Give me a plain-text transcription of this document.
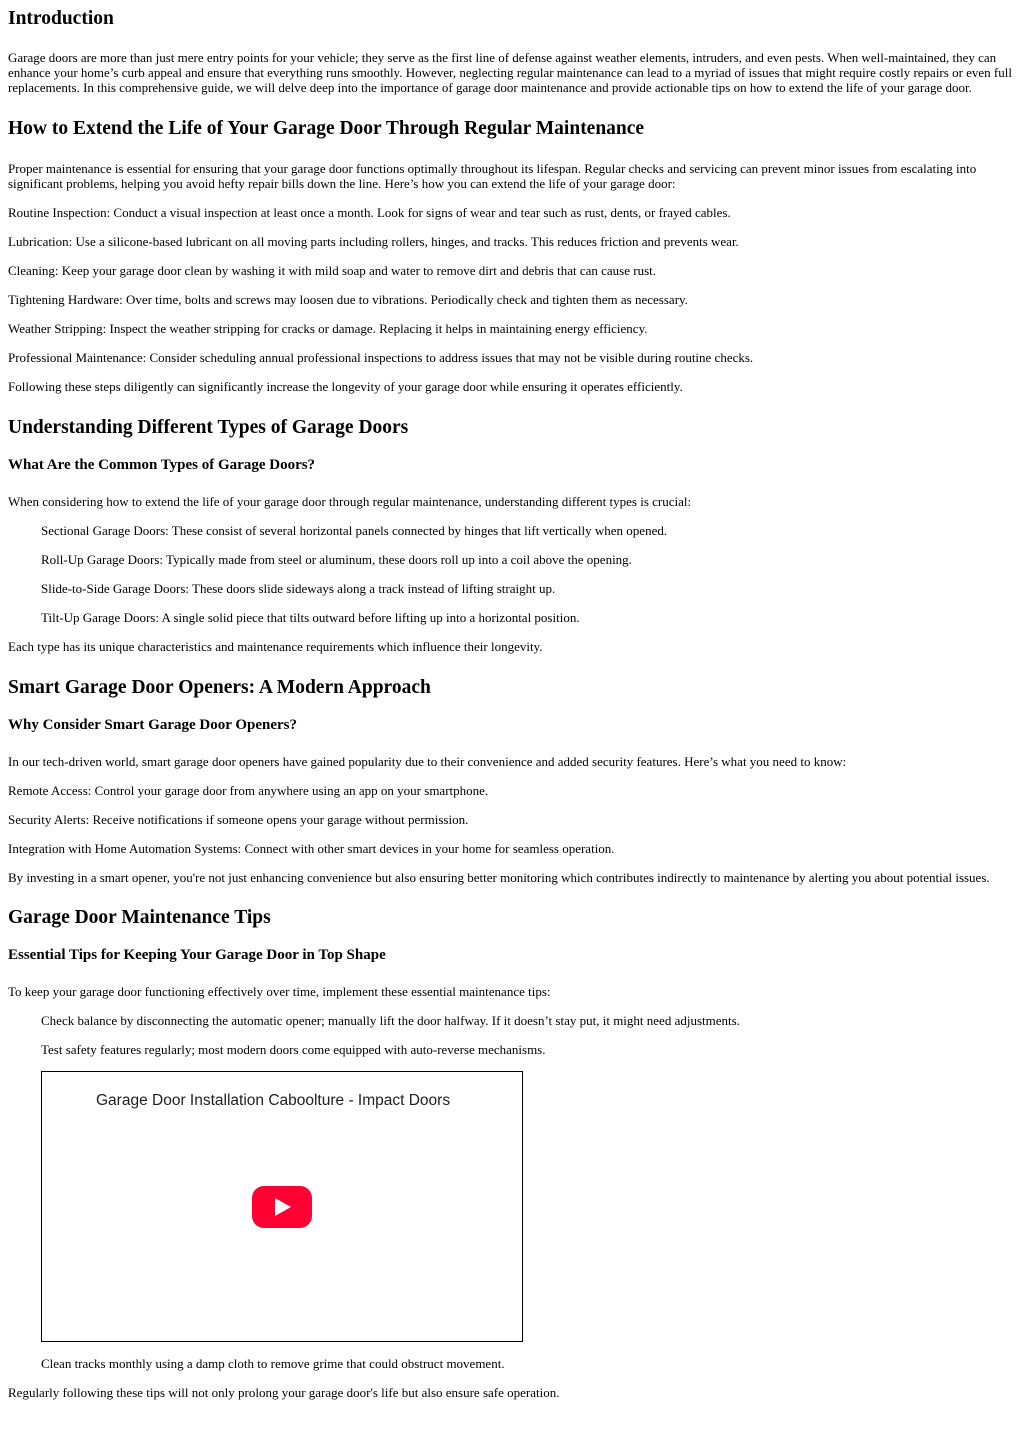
Introduction

Garage doors are more than just mere entry points for your vehicle; they serve as the first line of defense against weather elements, intruders, and even pests. When well-maintained, they can enhance your home’s curb appeal and ensure that everything runs smoothly. However, neglecting regular maintenance can lead to a myriad of issues that might require costly repairs or even full replacements. In this comprehensive guide, we will delve deep into the importance of garage door maintenance and provide actionable tips on how to extend the life of your garage door.

How to Extend the Life of Your Garage Door Through Regular Maintenance

Proper maintenance is essential for ensuring that your garage door functions optimally throughout its lifespan. Regular checks and servicing can prevent minor issues from escalating into significant problems, helping you avoid hefty repair bills down the line. Here’s how you can extend the life of your garage door:

Routine Inspection: Conduct a visual inspection at least once a month. Look for signs of wear and tear such as rust, dents, or frayed cables.

Lubrication: Use a silicone-based lubricant on all moving parts including rollers, hinges, and tracks. This reduces friction and prevents wear.

Cleaning: Keep your garage door clean by washing it with mild soap and water to remove dirt and debris that can cause rust.

Tightening Hardware: Over time, bolts and screws may loosen due to vibrations. Periodically check and tighten them as necessary.

Weather Stripping: Inspect the weather stripping for cracks or damage. Replacing it helps in maintaining energy efficiency.

Professional Maintenance: Consider scheduling annual professional inspections to address issues that may not be visible during routine checks.

Following these steps diligently can significantly increase the longevity of your garage door while ensuring it operates efficiently.

Understanding Different Types of Garage Doors
What Are the Common Types of Garage Doors?

When considering how to extend the life of your garage door through regular maintenance, understanding different types is crucial:

Sectional Garage Doors: These consist of several horizontal panels connected by hinges that lift vertically when opened.
Roll-Up Garage Doors: Typically made from steel or aluminum, these doors roll up into a coil above the opening.
Slide-to-Side Garage Doors: These doors slide sideways along a track instead of lifting straight up.
Tilt-Up Garage Doors: A single solid piece that tilts outward before lifting up into a horizontal position.

Each type has its unique characteristics and maintenance requirements which influence their longevity.

Smart Garage Door Openers: A Modern Approach
Why Consider Smart Garage Door Openers?

In our tech-driven world, smart garage door openers have gained popularity due to their convenience and added security features. Here’s what you need to know:

Remote Access: Control your garage door from anywhere using an app on your smartphone.

Security Alerts: Receive notifications if someone opens your garage without permission.

Integration with Home Automation Systems: Connect with other smart devices in your home for seamless operation.

By investing in a smart opener, you're not just enhancing convenience but also ensuring better monitoring which contributes indirectly to maintenance by alerting you about potential issues.

Garage Door Maintenance Tips
Essential Tips for Keeping Your Garage Door in Top Shape

To keep your garage door functioning effectively over time, implement these essential maintenance tips:

Check balance by disconnecting the automatic opener; manually lift the door halfway. If it doesn’t stay put, it might need adjustments.
Test safety features regularly; most modern doors come equipped with auto-reverse mechanisms.
Garage Door Installation Caboolture - Impact Doors
Clean tracks monthly using a damp cloth to remove grime that could obstruct movement.

Regularly following these tips will not only prolong your garage door's life but also ensure safe operation.
